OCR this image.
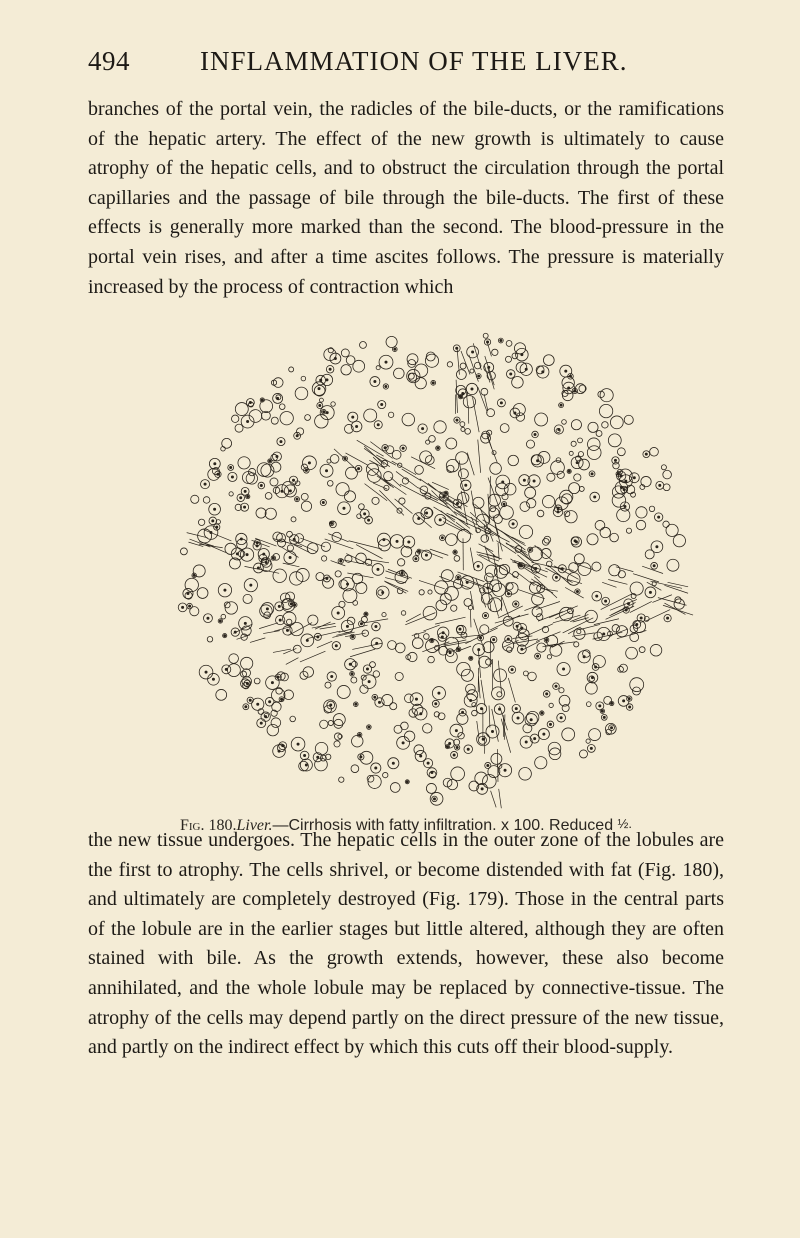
494	INFLAMMATION OF THE LIVER.

branches of the portal vein, the radicles of the bile-ducts, or the ramifications of the hepatic artery. The effect of the new growth is ultimately to cause atrophy of the hepatic cells, and to obstruct the circulation through the portal capillaries and the passage of bile through the bile-ducts. The first of these effects is generally more marked than the second. The blood-pressure in the portal vein rises, and after a time ascites follows. The pressure is materially increased by the process of contraction which

Fig. 180.Liver.—Cirrhosis with fatty infiltration. x 100. Reduced ½.

the new tissue undergoes. The hepatic cells in the outer zone of the lobules are the first to atrophy. The cells shrivel, or become distended with fat (Fig. 180), and ultimately are completely destroyed (Fig. 179). Those in the central parts of the lobule are in the earlier stages but little altered, although they are often stained with bile. As the growth extends, however, these also become annihilated, and the whole lobule may be replaced by connective-tissue. The atrophy of the cells may depend partly on the direct pressure of the new tissue, and partly on the indirect effect by which this cuts off their blood-supply.
